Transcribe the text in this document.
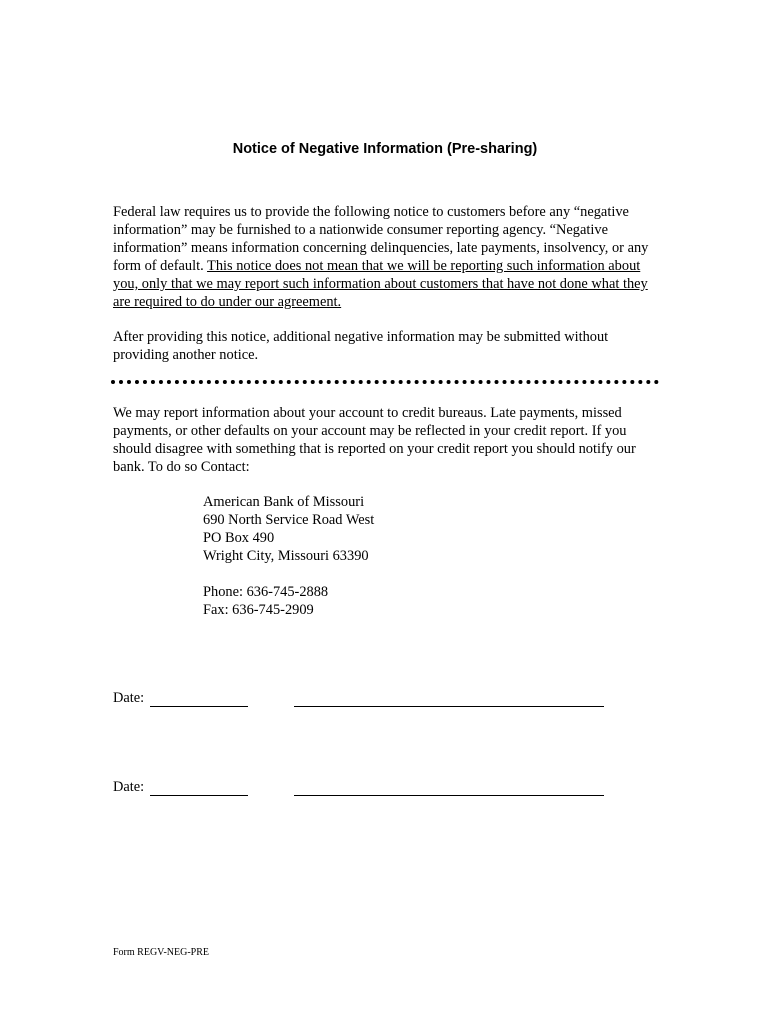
Notice of Negative Information (Pre-sharing)
Federal law requires us to provide the following notice to customers before any “negative information” may be furnished to a nationwide consumer reporting agency. “Negative information” means information concerning delinquencies, late payments, insolvency, or any form of default. This notice does not mean that we will be reporting such information about you, only that we may report such information about customers that have not done what they are required to do under our agreement.
After providing this notice, additional negative information may be submitted without providing another notice.
We may report information about your account to credit bureaus. Late payments, missed payments, or other defaults on your account may be reflected in your credit report. If you should disagree with something that is reported on your credit report you should notify our bank. To do so Contact:
American Bank of Missouri
690 North Service Road West
PO Box 490
Wright City, Missouri 63390
Phone: 636-745-2888
Fax: 636-745-2909
Date:
Date:
Form REGV-NEG-PRE
